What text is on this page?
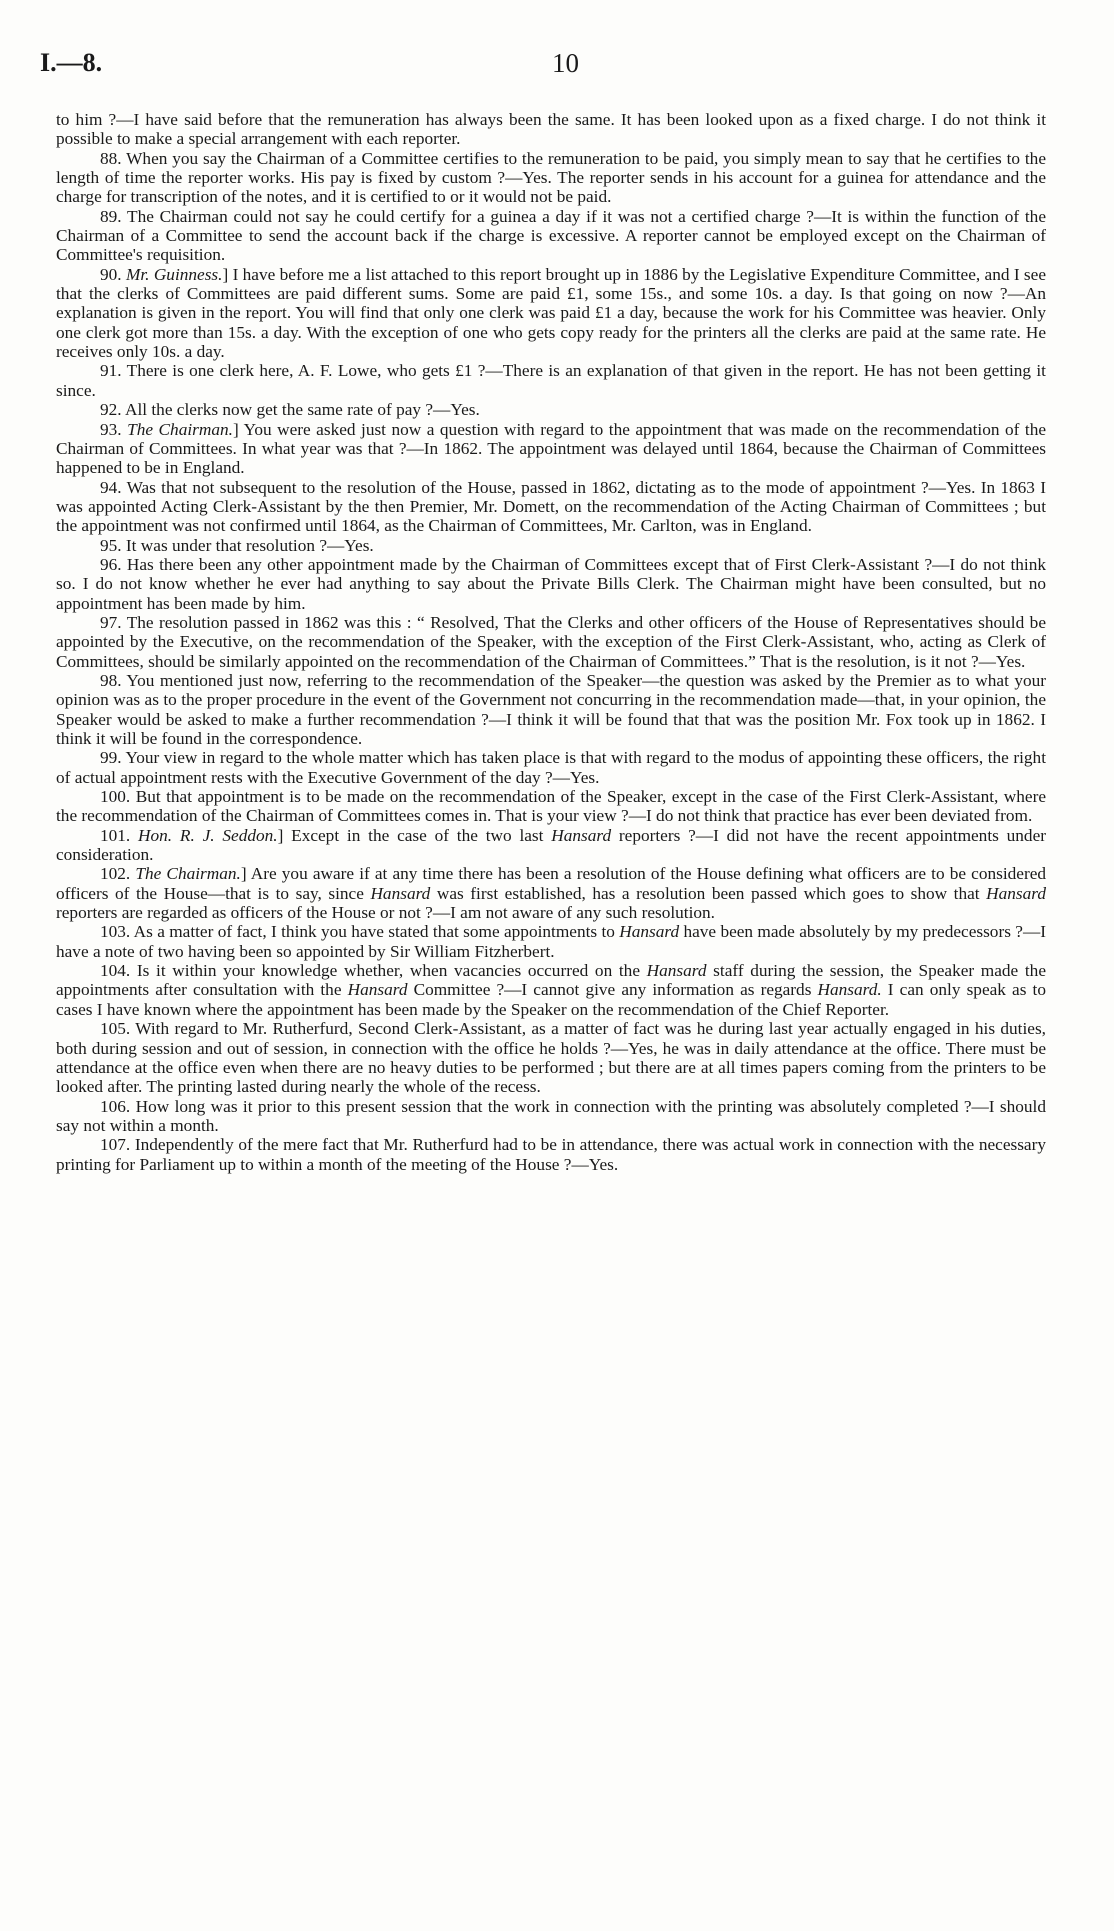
I.—8.	10

to him ?—I have said before that the remuneration has always been the same. It has been looked upon as a fixed charge. I do not think it possible to make a special arrangement with each reporter.

88. When you say the Chairman of a Committee certifies to the remuneration to be paid, you simply mean to say that he certifies to the length of time the reporter works. His pay is fixed by custom ?—Yes. The reporter sends in his account for a guinea for attendance and the charge for transcription of the notes, and it is certified to or it would not be paid.

89. The Chairman could not say he could certify for a guinea a day if it was not a certified charge ?—It is within the function of the Chairman of a Committee to send the account back if the charge is excessive. A reporter cannot be employed except on the Chairman of Committee's requisition.

90. Mr. Guinness.] I have before me a list attached to this report brought up in 1886 by the Legislative Expenditure Committee, and I see that the clerks of Committees are paid different sums. Some are paid £1, some 15s., and some 10s. a day. Is that going on now ?—An explanation is given in the report. You will find that only one clerk was paid £1 a day, because the work for his Committee was heavier. Only one clerk got more than 15s. a day. With the exception of one who gets copy ready for the printers all the clerks are paid at the same rate. He receives only 10s. a day.

91. There is one clerk here, A. F. Lowe, who gets £1 ?—There is an explanation of that given in the report. He has not been getting it since.

92. All the clerks now get the same rate of pay ?—Yes.

93. The Chairman.] You were asked just now a question with regard to the appointment that was made on the recommendation of the Chairman of Committees. In what year was that ?—In 1862. The appointment was delayed until 1864, because the Chairman of Committees happened to be in England.

94. Was that not subsequent to the resolution of the House, passed in 1862, dictating as to the mode of appointment ?—Yes. In 1863 I was appointed Acting Clerk-Assistant by the then Premier, Mr. Domett, on the recommendation of the Acting Chairman of Committees ; but the appointment was not confirmed until 1864, as the Chairman of Committees, Mr. Carlton, was in England.

95. It was under that resolution ?—Yes.

96. Has there been any other appointment made by the Chairman of Committees except that of First Clerk-Assistant ?—I do not think so. I do not know whether he ever had anything to say about the Private Bills Clerk. The Chairman might have been consulted, but no appointment has been made by him.

97. The resolution passed in 1862 was this : “ Resolved, That the Clerks and other officers of the House of Representatives should be appointed by the Executive, on the recommendation of the Speaker, with the exception of the First Clerk-Assistant, who, acting as Clerk of Committees, should be similarly appointed on the recommendation of the Chairman of Committees.” That is the resolution, is it not ?—Yes.

98. You mentioned just now, referring to the recommendation of the Speaker—the question was asked by the Premier as to what your opinion was as to the proper procedure in the event of the Government not concurring in the recommendation made—that, in your opinion, the Speaker would be asked to make a further recommendation ?—I think it will be found that that was the position Mr. Fox took up in 1862. I think it will be found in the correspondence.

99. Your view in regard to the whole matter which has taken place is that with regard to the modus of appointing these officers, the right of actual appointment rests with the Executive Government of the day ?—Yes.

100. But that appointment is to be made on the recommendation of the Speaker, except in the case of the First Clerk-Assistant, where the recommendation of the Chairman of Committees comes in. That is your view ?—I do not think that practice has ever been deviated from.

101. Hon. R. J. Seddon.] Except in the case of the two last Hansard reporters ?—I did not have the recent appointments under consideration.

102. The Chairman.] Are you aware if at any time there has been a resolution of the House defining what officers are to be considered officers of the House—that is to say, since Hansard was first established, has a resolution been passed which goes to show that Hansard reporters are regarded as officers of the House or not ?—I am not aware of any such resolution.

103. As a matter of fact, I think you have stated that some appointments to Hansard have been made absolutely by my predecessors ?—I have a note of two having been so appointed by Sir William Fitzherbert.

104. Is it within your knowledge whether, when vacancies occurred on the Hansard staff during the session, the Speaker made the appointments after consultation with the Hansard Committee ?—I cannot give any information as regards Hansard. I can only speak as to cases I have known where the appointment has been made by the Speaker on the recommendation of the Chief Reporter.

105. With regard to Mr. Rutherfurd, Second Clerk-Assistant, as a matter of fact was he during last year actually engaged in his duties, both during session and out of session, in connection with the office he holds ?—Yes, he was in daily attendance at the office. There must be attendance at the office even when there are no heavy duties to be performed ; but there are at all times papers coming from the printers to be looked after. The printing lasted during nearly the whole of the recess.

106. How long was it prior to this present session that the work in connection with the printing was absolutely completed ?—I should say not within a month.

107. Independently of the mere fact that Mr. Rutherfurd had to be in attendance, there was actual work in connection with the necessary printing for Parliament up to within a month of the meeting of the House ?—Yes.
